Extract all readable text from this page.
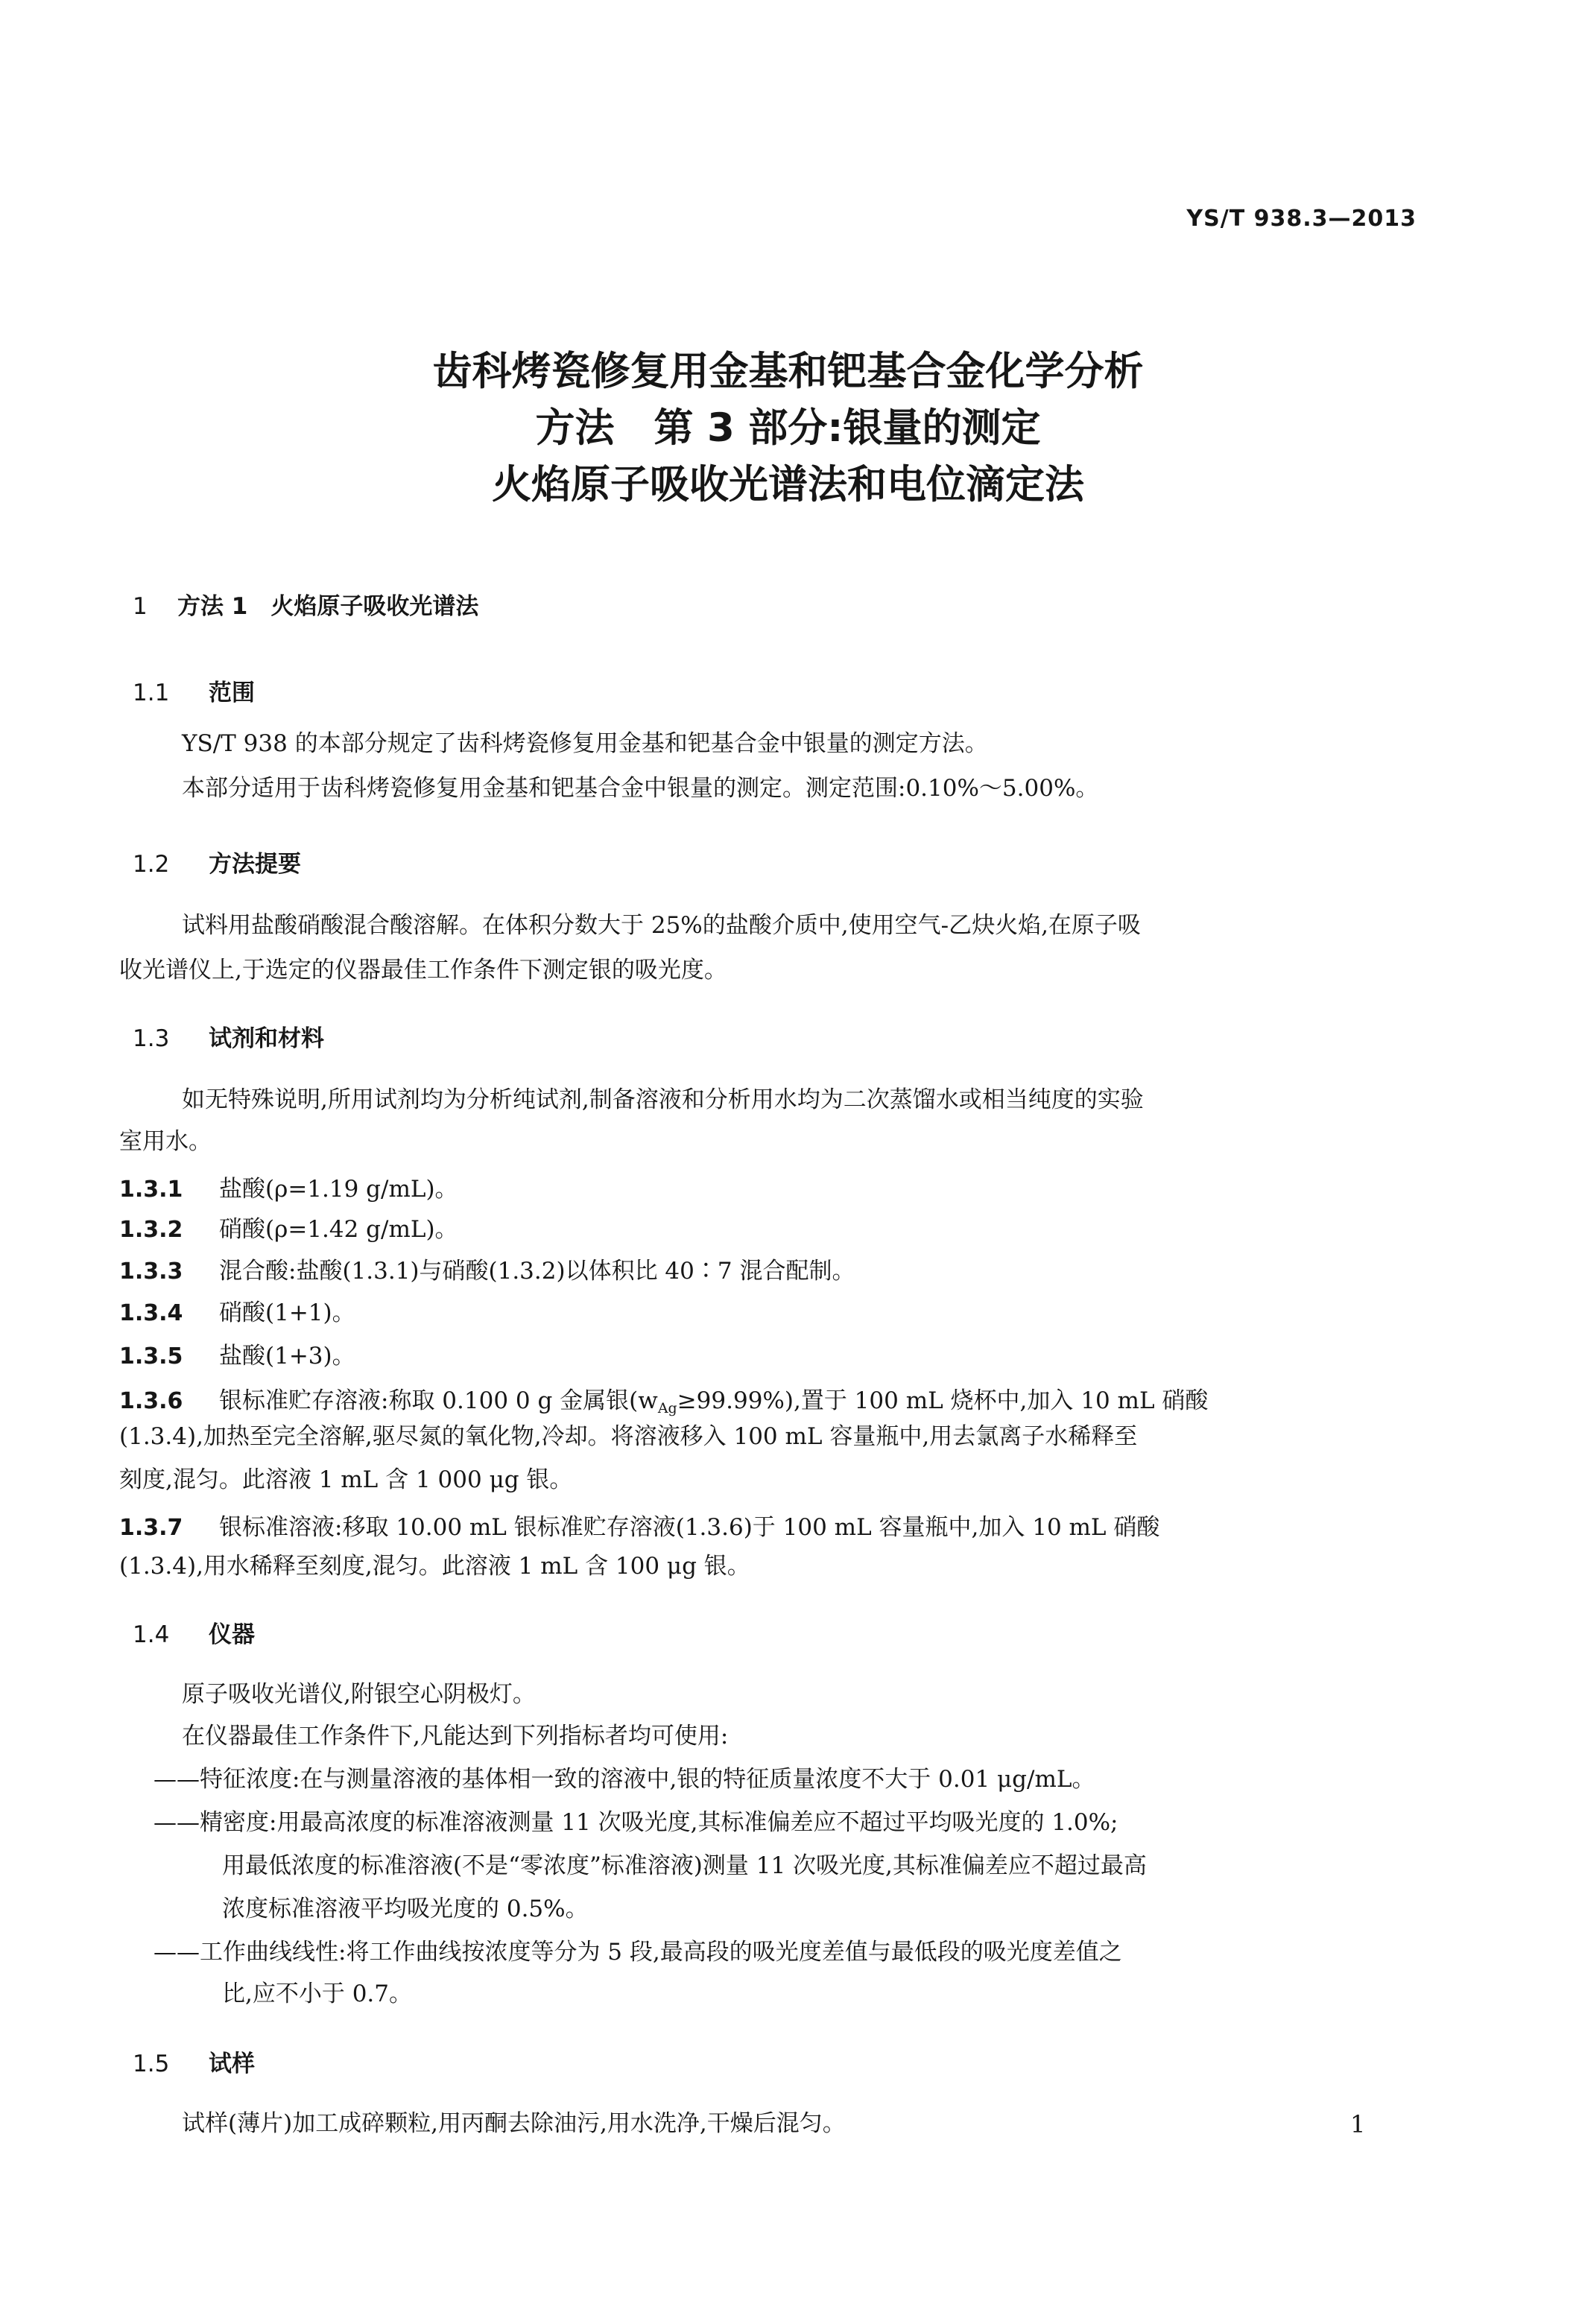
YS/T 938.3—2013
齿科烤瓷修复用金基和钯基合金化学分析
方法　第 3 部分:银量的测定
火焰原子吸收光谱法和电位滴定法
1 方法 1　火焰原子吸收光谱法
1.1 范围
YS/T 938 的本部分规定了齿科烤瓷修复用金基和钯基合金中银量的测定方法。
本部分适用于齿科烤瓷修复用金基和钯基合金中银量的测定。测定范围:0.10%～5.00%。
1.2 方法提要
试料用盐酸硝酸混合酸溶解。在体积分数大于 25%的盐酸介质中,使用空气-乙炔火焰,在原子吸
收光谱仪上,于选定的仪器最佳工作条件下测定银的吸光度。
1.3 试剂和材料
如无特殊说明,所用试剂均为分析纯试剂,制备溶液和分析用水均为二次蒸馏水或相当纯度的实验
室用水。
1.3.1 盐酸(ρ=1.19 g/mL)。
1.3.2 硝酸(ρ=1.42 g/mL)。
1.3.3 混合酸:盐酸(1.3.1)与硝酸(1.3.2)以体积比 40∶7 混合配制。
1.3.4 硝酸(1+1)。
1.3.5 盐酸(1+3)。
1.3.6 银标准贮存溶液:称取 0.100 0 g 金属银$(w_{Ag}\ge 99.99\%)$,置于 100 mL 烧杯中,加入 10 mL 硝酸
(1.3.4),加热至完全溶解,驱尽氮的氧化物,冷却。将溶液移入 100 mL 容量瓶中,用去氯离子水稀释至
刻度,混匀。此溶液 1 mL 含 1 000 μg 银。
1.3.7 银标准溶液:移取 10.00 mL 银标准贮存溶液(1.3.6)于 100 mL 容量瓶中,加入 10 mL 硝酸
(1.3.4),用水稀释至刻度,混匀。此溶液 1 mL 含 100 μg 银。
1.4 仪器
原子吸收光谱仪,附银空心阴极灯。
在仪器最佳工作条件下,凡能达到下列指标者均可使用:
——特征浓度:在与测量溶液的基体相一致的溶液中,银的特征质量浓度不大于 0.01 μg/mL。
——精密度:用最高浓度的标准溶液测量 11 次吸光度,其标准偏差应不超过平均吸光度的 1.0%;
用最低浓度的标准溶液(不是“零浓度”标准溶液)测量 11 次吸光度,其标准偏差应不超过最高
浓度标准溶液平均吸光度的 0.5%。
——工作曲线线性:将工作曲线按浓度等分为 5 段,最高段的吸光度差值与最低段的吸光度差值之
比,应不小于 0.7。
1.5 试样
试样(薄片)加工成碎颗粒,用丙酮去除油污,用水洗净,干燥后混匀。	1
